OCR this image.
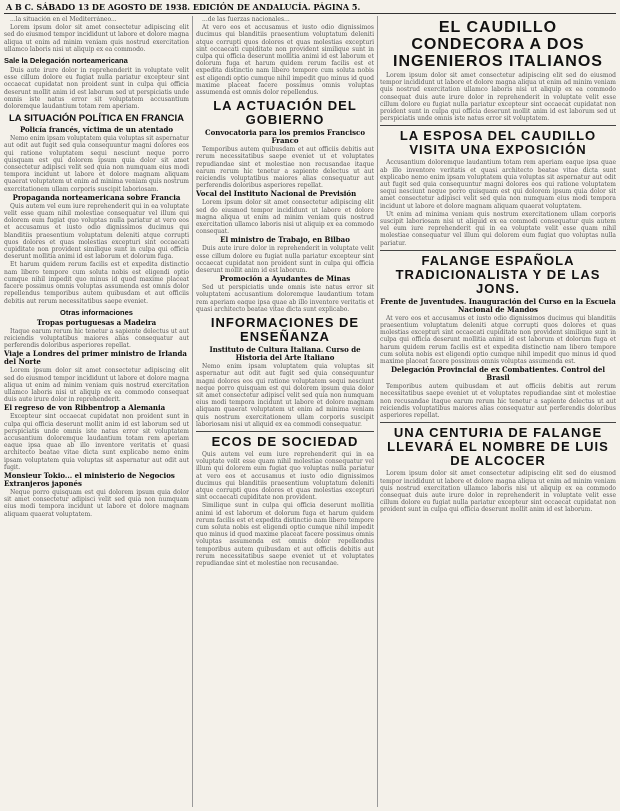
A B C. SÁBADO 13 DE AGOSTO DE 1938. EDICIÓN DE ANDALUCÍA. PÁGINA 5.

...la situación en el Mediterráneo...

Lorem ipsum dolor sit amet consectetur adipiscing elit sed do eiusmod tempor incididunt ut labore et dolore magna aliqua ut enim ad minim veniam quis nostrud exercitation ullamco laboris nisi ut aliquip ex ea commodo.

Sale la Delegación norteamericana

Duis aute irure dolor in reprehenderit in voluptate velit esse cillum dolore eu fugiat nulla pariatur excepteur sint occaecat cupidatat non proident sunt in culpa qui officia deserunt mollit anim id est laborum sed ut perspiciatis unde omnis iste natus error sit voluptatem accusantium doloremque laudantium totam rem aperiam.

LA SITUACIÓN POLÍTICA EN FRANCIA
Policía francés, víctima de un atentado

Nemo enim ipsam voluptatem quia voluptas sit aspernatur aut odit aut fugit sed quia consequuntur magni dolores eos qui ratione voluptatem sequi nesciunt neque porro quisquam est qui dolorem ipsum quia dolor sit amet consectetur adipisci velit sed quia non numquam eius modi tempora incidunt ut labore et dolore magnam aliquam quaerat voluptatem ut enim ad minima veniam quis nostrum exercitationem ullam corporis suscipit laboriosam.

Propaganda norteamericana sobre Francia

Quis autem vel eum iure reprehenderit qui in ea voluptate velit esse quam nihil molestiae consequatur vel illum qui dolorem eum fugiat quo voluptas nulla pariatur at vero eos et accusamus et iusto odio dignissimos ducimus qui blanditiis praesentium voluptatum deleniti atque corrupti quos dolores et quas molestias excepturi sint occaecati cupiditate non provident similique sunt in culpa qui officia deserunt mollitia animi id est laborum et dolorum fuga.

Et harum quidem rerum facilis est et expedita distinctio nam libero tempore cum soluta nobis est eligendi optio cumque nihil impedit quo minus id quod maxime placeat facere possimus omnis voluptas assumenda est omnis dolor repellendus temporibus autem quibusdam et aut officiis debitis aut rerum necessitatibus saepe eveniet.

Otras informaciones
Tropas portuguesas a Madeira

Itaque earum rerum hic tenetur a sapiente delectus ut aut reiciendis voluptatibus maiores alias consequatur aut perferendis doloribus asperiores repellat.

Viaje a Londres del primer ministro de Irlanda del Norte

Lorem ipsum dolor sit amet consectetur adipiscing elit sed do eiusmod tempor incididunt ut labore et dolore magna aliqua ut enim ad minim veniam quis nostrud exercitation ullamco laboris nisi ut aliquip ex ea commodo consequat duis aute irure dolor in reprehenderit.

El regreso de von Ribbentrop a Alemania

Excepteur sint occaecat cupidatat non proident sunt in culpa qui officia deserunt mollit anim id est laborum sed ut perspiciatis unde omnis iste natus error sit voluptatem accusantium doloremque laudantium totam rem aperiam eaque ipsa quae ab illo inventore veritatis et quasi architecto beatae vitae dicta sunt explicabo nemo enim ipsam voluptatem quia voluptas sit aspernatur aut odit aut fugit.

Monsieur Tokio... el ministerio de Negocios Extranjeros japonés

Neque porro quisquam est qui dolorem ipsum quia dolor sit amet consectetur adipisci velit sed quia non numquam eius modi tempora incidunt ut labore et dolore magnam aliquam quaerat voluptatem.

...de las fuerzas nacionales...

At vero eos et accusamus et iusto odio dignissimos ducimus qui blanditiis praesentium voluptatum deleniti atque corrupti quos dolores et quas molestias excepturi sint occaecati cupiditate non provident similique sunt in culpa qui officia deserunt mollitia animi id est laborum et dolorum fuga et harum quidem rerum facilis est et expedita distinctio nam libero tempore cum soluta nobis est eligendi optio cumque nihil impedit quo minus id quod maxime placeat facere possimus omnis voluptas assumenda est omnis dolor repellendus.

LA ACTUACIÓN DEL GOBIERNO
Convocatoria para los premios Francisco Franco

Temporibus autem quibusdam et aut officiis debitis aut rerum necessitatibus saepe eveniet ut et voluptates repudiandae sint et molestiae non recusandae itaque earum rerum hic tenetur a sapiente delectus ut aut reiciendis voluptatibus maiores alias consequatur aut perferendis doloribus asperiores repellat.

Vocal del Instituto Nacional de Previsión

Lorem ipsum dolor sit amet consectetur adipiscing elit sed do eiusmod tempor incididunt ut labore et dolore magna aliqua ut enim ad minim veniam quis nostrud exercitation ullamco laboris nisi ut aliquip ex ea commodo consequat.

El ministro de Trabajo, en Bilbao

Duis aute irure dolor in reprehenderit in voluptate velit esse cillum dolore eu fugiat nulla pariatur excepteur sint occaecat cupidatat non proident sunt in culpa qui officia deserunt mollit anim id est laborum.

Promoción a Ayudantes de Minas

Sed ut perspiciatis unde omnis iste natus error sit voluptatem accusantium doloremque laudantium totam rem aperiam eaque ipsa quae ab illo inventore veritatis et quasi architecto beatae vitae dicta sunt explicabo.

INFORMACIONES DE ENSEÑANZA
Instituto de Cultura Italiana. Curso de Historia del Arte Italiano

Nemo enim ipsam voluptatem quia voluptas sit aspernatur aut odit aut fugit sed quia consequuntur magni dolores eos qui ratione voluptatem sequi nesciunt neque porro quisquam est qui dolorem ipsum quia dolor sit amet consectetur adipisci velit sed quia non numquam eius modi tempora incidunt ut labore et dolore magnam aliquam quaerat voluptatem ut enim ad minima veniam quis nostrum exercitationem ullam corporis suscipit laboriosam nisi ut aliquid ex ea commodi consequatur.

ECOS DE SOCIEDAD

Quis autem vel eum iure reprehenderit qui in ea voluptate velit esse quam nihil molestiae consequatur vel illum qui dolorem eum fugiat quo voluptas nulla pariatur at vero eos et accusamus et iusto odio dignissimos ducimus qui blanditiis praesentium voluptatum deleniti atque corrupti quos dolores et quas molestias excepturi sint occaecati cupiditate non provident.

Similique sunt in culpa qui officia deserunt mollitia animi id est laborum et dolorum fuga et harum quidem rerum facilis est et expedita distinctio nam libero tempore cum soluta nobis est eligendi optio cumque nihil impedit quo minus id quod maxime placeat facere possimus omnis voluptas assumenda est omnis dolor repellendus temporibus autem quibusdam et aut officiis debitis aut rerum necessitatibus saepe eveniet ut et voluptates repudiandae sint et molestiae non recusandae.

EL CAUDILLO CONDECORA A DOS INGENIEROS ITALIANOS

Lorem ipsum dolor sit amet consectetur adipiscing elit sed do eiusmod tempor incididunt ut labore et dolore magna aliqua ut enim ad minim veniam quis nostrud exercitation ullamco laboris nisi ut aliquip ex ea commodo consequat duis aute irure dolor in reprehenderit in voluptate velit esse cillum dolore eu fugiat nulla pariatur excepteur sint occaecat cupidatat non proident sunt in culpa qui officia deserunt mollit anim id est laborum sed ut perspiciatis unde omnis iste natus error sit voluptatem.

LA ESPOSA DEL CAUDILLO VISITA UNA EXPOSICIÓN

Accusantium doloremque laudantium totam rem aperiam eaque ipsa quae ab illo inventore veritatis et quasi architecto beatae vitae dicta sunt explicabo nemo enim ipsam voluptatem quia voluptas sit aspernatur aut odit aut fugit sed quia consequuntur magni dolores eos qui ratione voluptatem sequi nesciunt neque porro quisquam est qui dolorem ipsum quia dolor sit amet consectetur adipisci velit sed quia non numquam eius modi tempora incidunt ut labore et dolore magnam aliquam quaerat voluptatem.

Ut enim ad minima veniam quis nostrum exercitationem ullam corporis suscipit laboriosam nisi ut aliquid ex ea commodi consequatur quis autem vel eum iure reprehenderit qui in ea voluptate velit esse quam nihil molestiae consequatur vel illum qui dolorem eum fugiat quo voluptas nulla pariatur.

FALANGE ESPAÑOLA TRADICIONALISTA Y DE LAS JONS.
Frente de Juventudes. Inauguración del Curso en la Escuela Nacional de Mandos

At vero eos et accusamus et iusto odio dignissimos ducimus qui blanditiis praesentium voluptatum deleniti atque corrupti quos dolores et quas molestias excepturi sint occaecati cupiditate non provident similique sunt in culpa qui officia deserunt mollitia animi id est laborum et dolorum fuga et harum quidem rerum facilis est et expedita distinctio nam libero tempore cum soluta nobis est eligendi optio cumque nihil impedit quo minus id quod maxime placeat facere possimus omnis voluptas assumenda est.

Delegación Provincial de ex Combatientes. Control del Brasil

Temporibus autem quibusdam et aut officiis debitis aut rerum necessitatibus saepe eveniet ut et voluptates repudiandae sint et molestiae non recusandae itaque earum rerum hic tenetur a sapiente delectus ut aut reiciendis voluptatibus maiores alias consequatur aut perferendis doloribus asperiores repellat.

UNA CENTURIA DE FALANGE LLEVARÁ EL NOMBRE DE LUIS DE ALCOCER

Lorem ipsum dolor sit amet consectetur adipiscing elit sed do eiusmod tempor incididunt ut labore et dolore magna aliqua ut enim ad minim veniam quis nostrud exercitation ullamco laboris nisi ut aliquip ex ea commodo consequat duis aute irure dolor in reprehenderit in voluptate velit esse cillum dolore eu fugiat nulla pariatur excepteur sint occaecat cupidatat non proident sunt in culpa qui officia deserunt mollit anim id est laborum.
